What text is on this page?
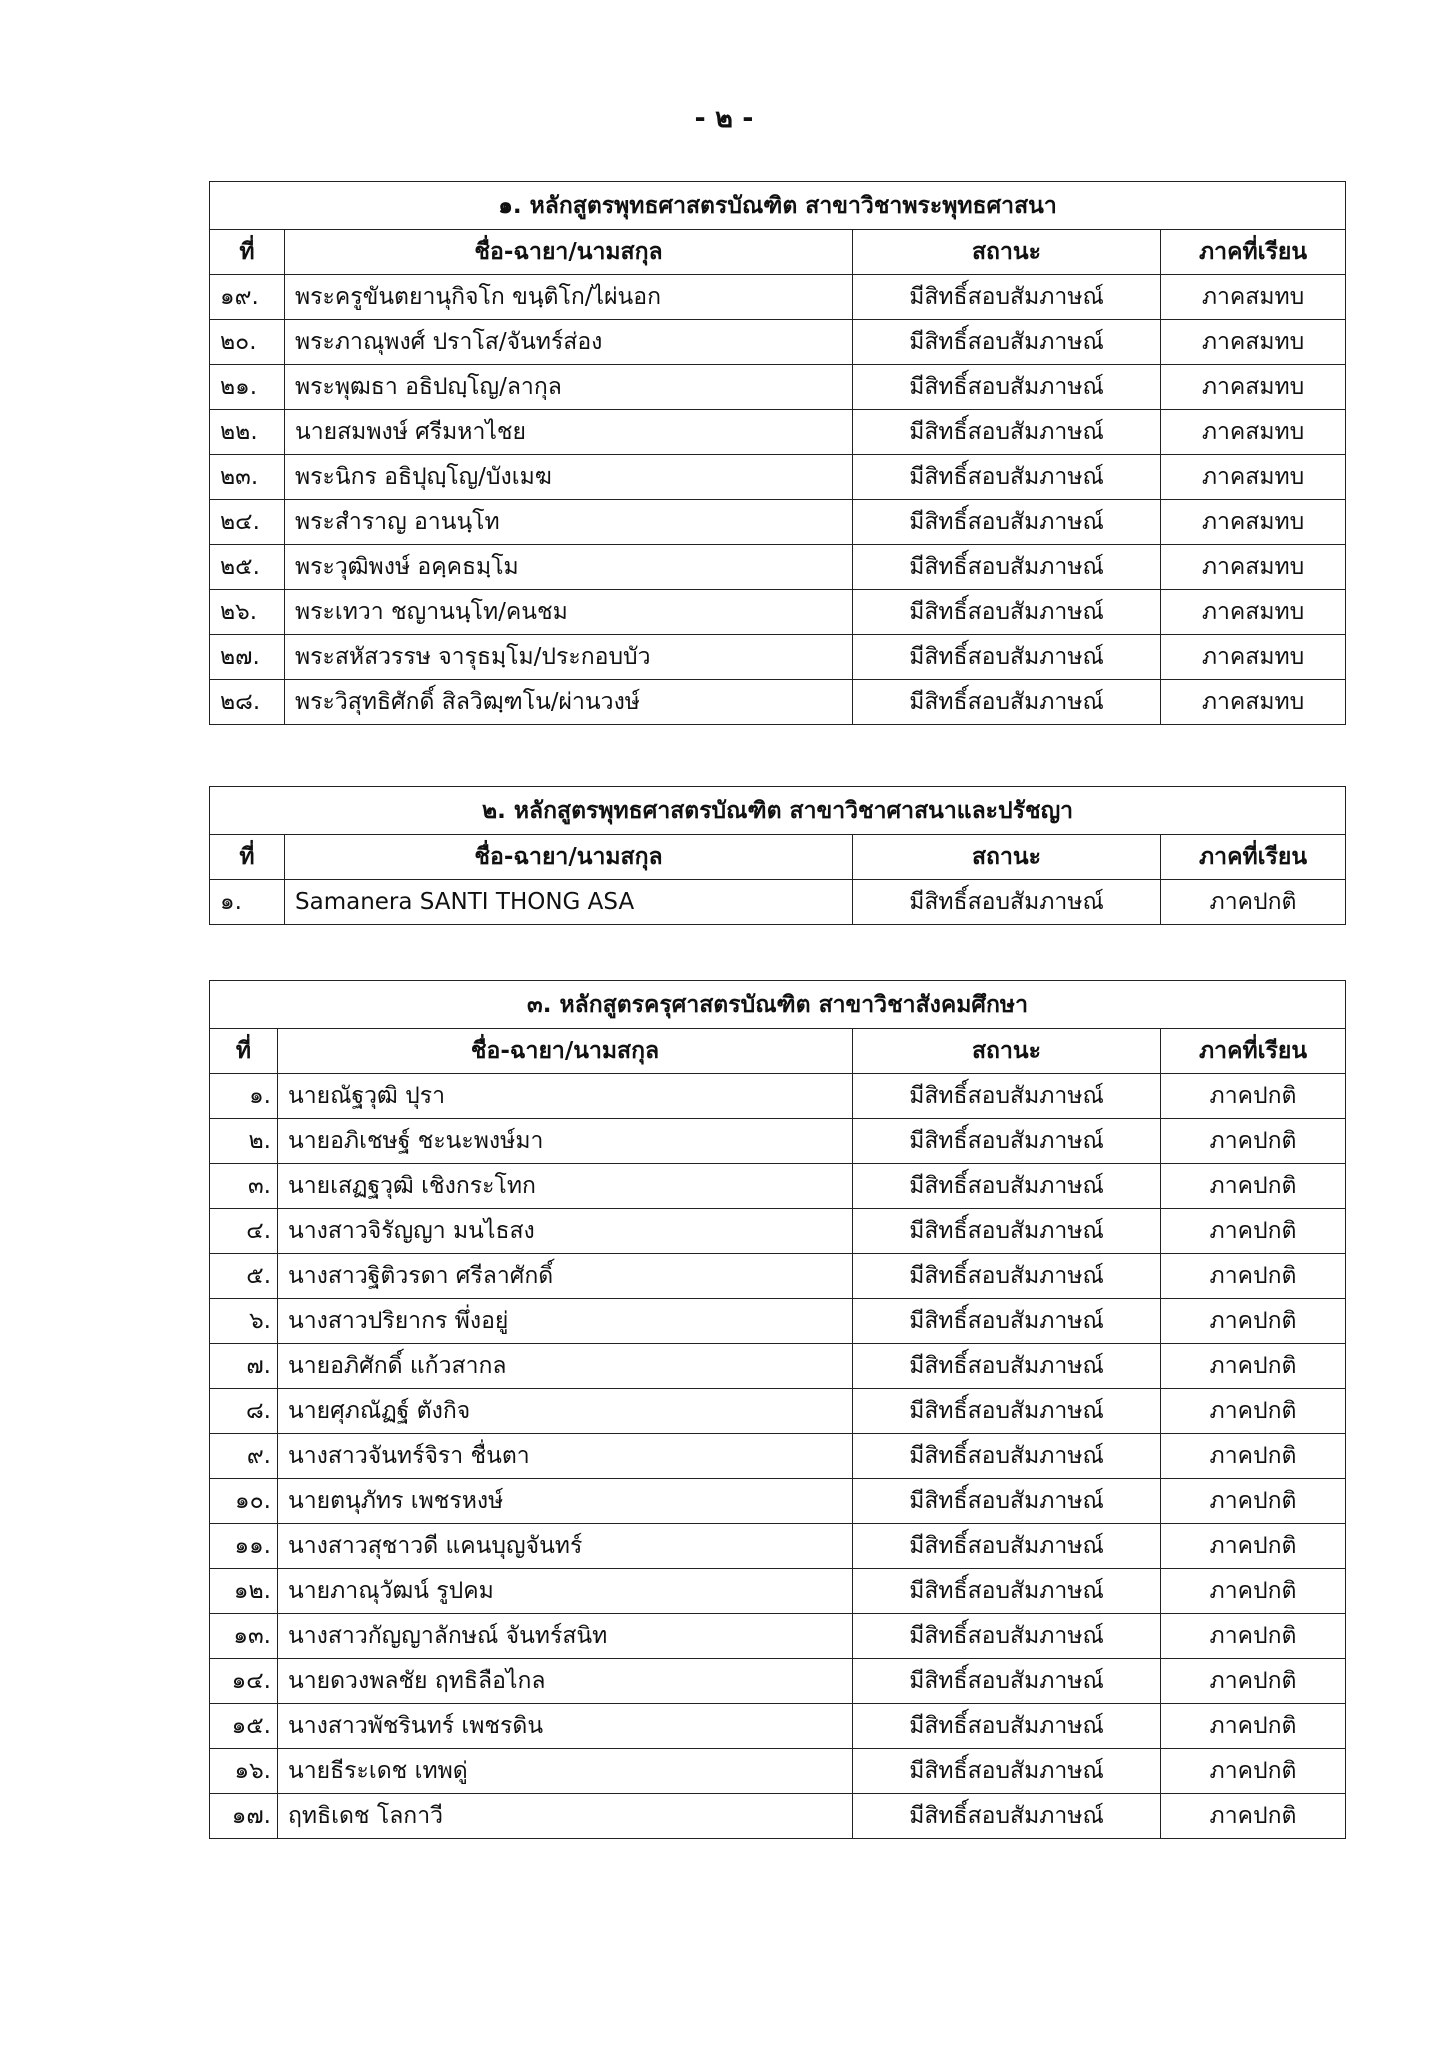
- ๒ -
๑. หลักสูตรพุทธศาสตรบัณฑิต สาขาวิชาพระพุทธศาสนา			
ที่	ชื่อ-ฉายา/นามสกุล	สถานะ	ภาคที่เรียน
๑๙.	พระครูขันตยานุกิจโก ขนฺติโก/ไผ่นอก	มีสิทธิ์สอบสัมภาษณ์	ภาคสมทบ
๒๐.	พระภาณุพงศ์ ปราโส/จันทร์ส่อง	มีสิทธิ์สอบสัมภาษณ์	ภาคสมทบ
๒๑.	พระพุฒธา อธิปญฺโญ/ลากุล	มีสิทธิ์สอบสัมภาษณ์	ภาคสมทบ
๒๒.	นายสมพงษ์ ศรีมหาไชย	มีสิทธิ์สอบสัมภาษณ์	ภาคสมทบ
๒๓.	พระนิกร อธิปุญฺโญ/บังเมฆ	มีสิทธิ์สอบสัมภาษณ์	ภาคสมทบ
๒๔.	พระสำราญ อานนฺโท	มีสิทธิ์สอบสัมภาษณ์	ภาคสมทบ
๒๕.	พระวุฒิพงษ์ อคฺคธมฺโม	มีสิทธิ์สอบสัมภาษณ์	ภาคสมทบ
๒๖.	พระเทวา ชญานนฺโท/คนชม	มีสิทธิ์สอบสัมภาษณ์	ภาคสมทบ
๒๗.	พระสหัสวรรษ จารุธมฺโม/ประกอบบัว	มีสิทธิ์สอบสัมภาษณ์	ภาคสมทบ
๒๘.	พระวิสุทธิศักดิ์ สิลวิฒฺฑโน/ผ่านวงษ์	มีสิทธิ์สอบสัมภาษณ์	ภาคสมทบ
๒. หลักสูตรพุทธศาสตรบัณฑิต สาขาวิชาศาสนาและปรัชญา			
ที่	ชื่อ-ฉายา/นามสกุล	สถานะ	ภาคที่เรียน
๑.	Samanera SANTI THONG ASA	มีสิทธิ์สอบสัมภาษณ์	ภาคปกติ
๓. หลักสูตรครุศาสตรบัณฑิต สาขาวิชาสังคมศึกษา			
ที่	ชื่อ-ฉายา/นามสกุล	สถานะ	ภาคที่เรียน
๑.	นายณัฐวุฒิ ปุรา	มีสิทธิ์สอบสัมภาษณ์	ภาคปกติ
๒.	นายอภิเชษฐ์ ชะนะพงษ์มา	มีสิทธิ์สอบสัมภาษณ์	ภาคปกติ
๓.	นายเสฏฐวุฒิ เชิงกระโทก	มีสิทธิ์สอบสัมภาษณ์	ภาคปกติ
๔.	นางสาวจิรัญญา มนไธสง	มีสิทธิ์สอบสัมภาษณ์	ภาคปกติ
๕.	นางสาวฐิติวรดา ศรีลาศักดิ์	มีสิทธิ์สอบสัมภาษณ์	ภาคปกติ
๖.	นางสาวปริยากร พึ่งอยู่	มีสิทธิ์สอบสัมภาษณ์	ภาคปกติ
๗.	นายอภิศักดิ์ แก้วสากล	มีสิทธิ์สอบสัมภาษณ์	ภาคปกติ
๘.	นายศุภณัฏฐ์ ตังกิจ	มีสิทธิ์สอบสัมภาษณ์	ภาคปกติ
๙.	นางสาวจันทร์จิรา ชื่นตา	มีสิทธิ์สอบสัมภาษณ์	ภาคปกติ
๑๐.	นายตนุภัทร เพชรหงษ์	มีสิทธิ์สอบสัมภาษณ์	ภาคปกติ
๑๑.	นางสาวสุชาวดี แคนบุญจันทร์	มีสิทธิ์สอบสัมภาษณ์	ภาคปกติ
๑๒.	นายภาณุวัฒน์ รูปคม	มีสิทธิ์สอบสัมภาษณ์	ภาคปกติ
๑๓.	นางสาวกัญญาลักษณ์ จันทร์สนิท	มีสิทธิ์สอบสัมภาษณ์	ภาคปกติ
๑๔.	นายดวงพลชัย ฤทธิลือไกล	มีสิทธิ์สอบสัมภาษณ์	ภาคปกติ
๑๕.	นางสาวพัชรินทร์ เพชรดิน	มีสิทธิ์สอบสัมภาษณ์	ภาคปกติ
๑๖.	นายธีระเดช เทพดู่	มีสิทธิ์สอบสัมภาษณ์	ภาคปกติ
๑๗.	ฤทธิเดช โลกาวี	มีสิทธิ์สอบสัมภาษณ์	ภาคปกติ
